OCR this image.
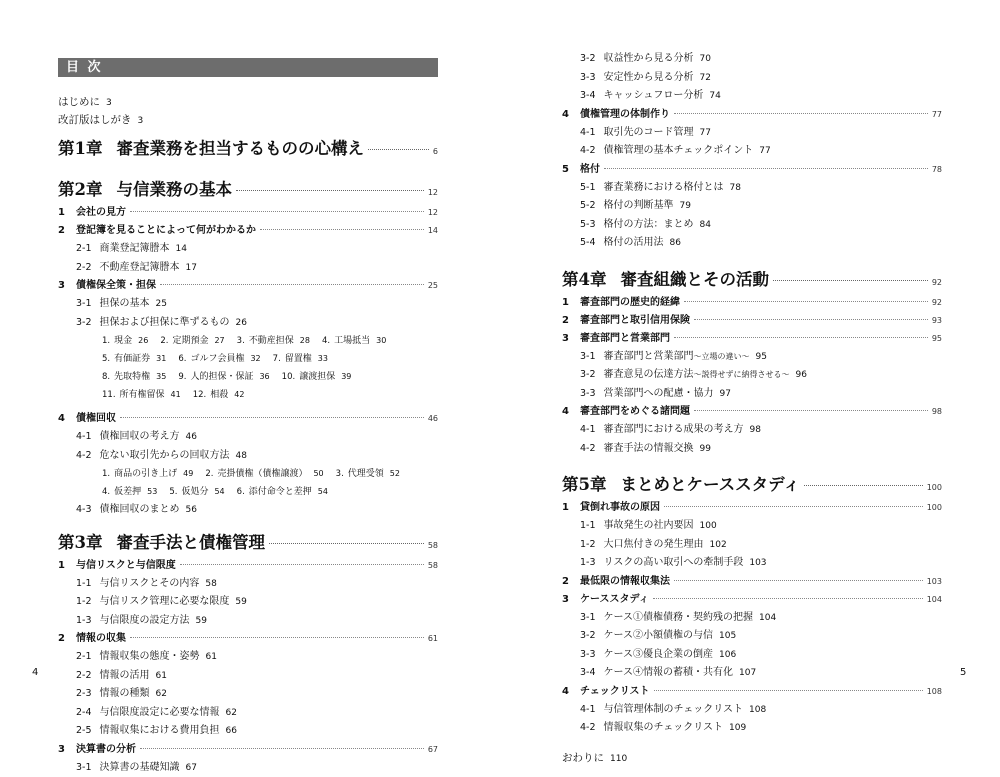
目 次
はじめに 3
改訂版はしがき 3
第1章 審査業務を担当するものの心構え	6
第2章 与信業務の基本	12
1	会社の見方	12
2	登記簿を見ることによって何がわかるか	14
2-1 商業登記簿謄本 14
2-2 不動産登記簿謄本 17
3	債権保全策・担保	25
3-1 担保の基本 25
3-2 担保および担保に準ずるもの 26
1. 現金 26 2. 定期預金 27 3. 不動産担保 28 4. 工場抵当 30
5. 有価証券 31 6. ゴルフ会員権 32 7. 留置権 33
8. 先取特権 35 9. 人的担保・保証 36 10. 譲渡担保 39
11. 所有権留保 41 12. 相殺 42
4	債権回収	46
4-1 債権回収の考え方 46
4-2 危ない取引先からの回収方法 48
1. 商品の引き上げ 49 2. 売掛債権（債権譲渡） 50 3. 代理受領 52
4. 仮差押 53 5. 仮処分 54 6. 添付命令と差押 54
4-3 債権回収のまとめ 56
第3章 審査手法と債権管理	58
1	与信リスクと与信限度	58
1-1 与信リスクとその内容 58
1-2 与信リスク管理に必要な限度 59
1-3 与信限度の設定方法 59
2	情報の収集	61
2-1 情報収集の態度・姿勢 61
2-2 情報の活用 61
2-3 情報の種類 62
2-4 与信限度設定に必要な情報 62
2-5 情報収集における費用負担 66
3	決算書の分析	67
3-1 決算書の基礎知識 67
4
3-2 収益性から見る分析 70
3-3 安定性から見る分析 72
3-4 キャッシュフロー分析 74
4	債権管理の体制作り	77
4-1 取引先のコード管理 77
4-2 債権管理の基本チェックポイント 77
5	格付	78
5-1 審査業務における格付とは 78
5-2 格付の判断基準 79
5-3 格付の方法：まとめ 84
5-4 格付の活用法 86
第4章 審査組織とその活動	92
1	審査部門の歴史的経緯	92
2	審査部門と取引信用保険	93
3	審査部門と営業部門	95
3-1 審査部門と営業部門〜立場の違い〜 95
3-2 審査意見の伝達方法〜説得せずに納得させる〜 96
3-3 営業部門への配慮・協力 97
4	審査部門をめぐる諸問題	98
4-1 審査部門における成果の考え方 98
4-2 審査手法の情報交換 99
第5章 まとめとケーススタディ	100
1	貸倒れ事故の原因	100
1-1 事故発生の社内要因 100
1-2 大口焦付きの発生理由 102
1-3 リスクの高い取引への牽制手段 103
2	最低限の情報収集法	103
3	ケーススタディ	104
3-1 ケース①債権債務・契約残の把握 104
3-2 ケース②小額債権の与信 105
3-3 ケース③優良企業の倒産 106
3-4 ケース④情報の蓄積・共有化 107
4	チェックリスト	108
4-1 与信管理体制のチェックリスト 108
4-2 情報収集のチェックリスト 109
おわりに 110
5
